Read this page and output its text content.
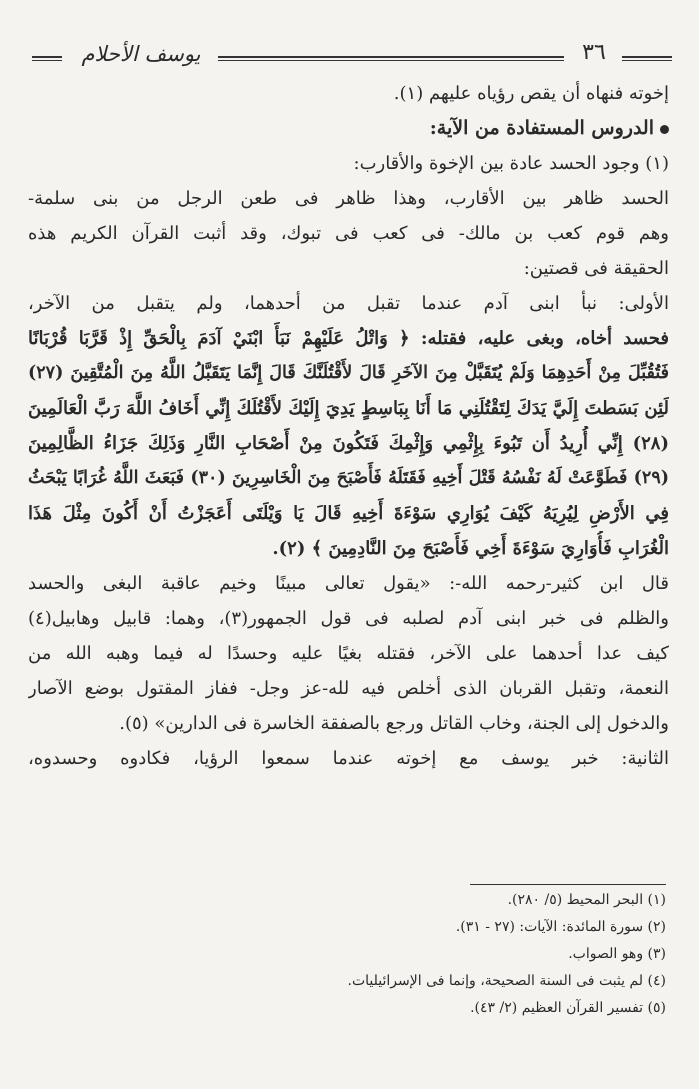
يوسف الأحلام	٣٦
إخوته فنهاه أن يقص رؤياه عليهم (١).
الدروس المستفادة من الآية:
(١) وجود الحسد عادة بين الإخوة والأقارب:
الحسد ظاهر بين الأقارب، وهذا ظاهر فى طعن الرجل من بنى سلمة-
وهم قوم كعب بن مالك- فى كعب فى تبوك، وقد أثبت القرآن الكريم هذه
الحقيقة فى قصتين:
الأولى: نبأ ابنى آدم عندما تقبل من أحدهما، ولم يتقبل من الآخر،
فحسد أخاه، وبغى عليه، فقتله: ﴿ وَاتْلُ عَلَيْهِمْ نَبَأَ ابْنَيْ آدَمَ بِالْحَقِّ إِذْ قَرَّبَا قُرْبَانًا
فَتُقُبِّلَ مِنْ أَحَدِهِمَا وَلَمْ يُتَقَبَّلْ مِنَ الآخَرِ قَالَ لأَقْتُلَنَّكَ قَالَ إِنَّمَا يَتَقَبَّلُ اللَّهُ مِنَ الْمُتَّقِينَ (٢٧)
لَئِن بَسَطتَ إِلَيَّ يَدَكَ لِتَقْتُلَنِي مَا أَنَا بِبَاسِطٍ يَدِيَ إِلَيْكَ لأَقْتُلَكَ إِنِّي أَخَافُ اللَّهَ رَبَّ الْعَالَمِينَ
(٢٨) إِنِّي أُرِيدُ أَن تَبُوءَ بِإِثْمِي وَإِثْمِكَ فَتَكُونَ مِنْ أَصْحَابِ النَّارِ وَذَلِكَ جَزَاءُ الظَّالِمِينَ
(٢٩) فَطَوَّعَتْ لَهُ نَفْسُهُ قَتْلَ أَخِيهِ فَقَتَلَهُ فَأَصْبَحَ مِنَ الْخَاسِرِينَ (٣٠) فَبَعَثَ اللَّهُ غُرَابًا يَبْحَثُ
فِي الأَرْضِ لِيُرِيَهُ كَيْفَ يُوَارِي سَوْءَةَ أَخِيهِ قَالَ يَا وَيْلَتَى أَعَجَزْتُ أَنْ أَكُونَ مِثْلَ هَذَا
الْغُرَابِ فَأُوَارِيَ سَوْءَةَ أَخِي فَأَصْبَحَ مِنَ النَّادِمِينَ ﴾ (٢).
قال ابن كثير-رحمه الله-: «يقول تعالى مبينًا وخيم عاقبة البغى والحسد
والظلم فى خبر ابنى آدم لصلبه فى قول الجمهور(٣)، وهما: قابيل وهابيل(٤)
كيف عدا أحدهما على الآخر، فقتله بغيًا عليه وحسدًا له فيما وهبه الله من
النعمة، وتقبل القربان الذى أخلص فيه لله-عز وجل- ففاز المقتول بوضع الآصار
والدخول إلى الجنة، وخاب القاتل ورجع بالصفقة الخاسرة فى الدارين» (٥).
الثانية: خبر يوسف مع إخوته عندما سمعوا الرؤيا، فكادوه وحسدوه،
(١) البحر المحيط (٥/ ٢٨٠).
(٢) سورة المائدة: الآيات: (٢٧ - ٣١).
(٣) وهو الصواب.
(٤) لم يثبت فى السنة الصحيحة، وإنما فى الإسرائيليات.
(٥) تفسير القرآن العظيم (٢/ ٤٣).
